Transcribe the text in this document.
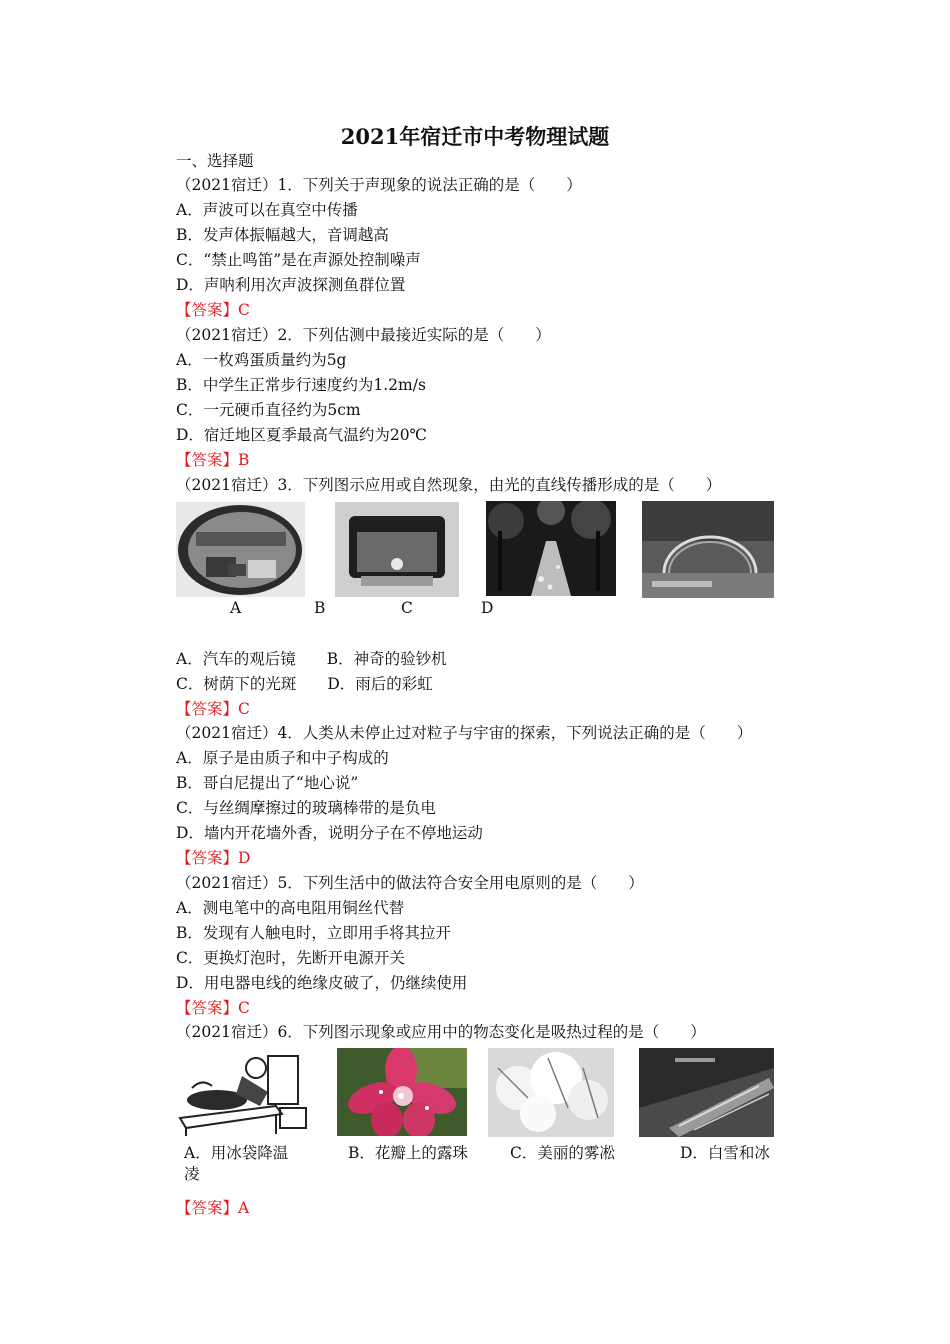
2021年宿迁市中考物理试题
一、选择题
（2021宿迁）1．下列关于声现象的说法正确的是（　　）
A．声波可以在真空中传播
B．发声体振幅越大，音调越高
C．“禁止鸣笛”是在声源处控制噪声
D．声呐利用次声波探测鱼群位置
【答案】C
（2021宿迁）2．下列估测中最接近实际的是（　　）
A．一枚鸡蛋质量约为5g
B．中学生正常步行速度约为1.2m/s
C．一元硬币直径约为5cm
D．宿迁地区夏季最高气温约为20℃
【答案】B
（2021宿迁）3．下列图示应用或自然现象，由光的直线传播形成的是（　　）
A	B	C	D
A．汽车的观后镜　　B．神奇的验钞机
C．树荫下的光斑　　D．雨后的彩虹
【答案】C
（2021宿迁）4．人类从未停止过对粒子与宇宙的探索，下列说法正确的是（　　）
A．原子是由质子和中子构成的
B．哥白尼提出了“地心说”
C．与丝绸摩擦过的玻璃棒带的是负电
D．墙内开花墙外香，说明分子在不停地运动
【答案】D
（2021宿迁）5．下列生活中的做法符合安全用电原则的是（　　）
A．测电笔中的高电阻用铜丝代替
B．发现有人触电时，立即用手将其拉开
C．更换灯泡时，先断开电源开关
D．用电器电线的绝缘皮破了，仍继续使用
【答案】C
（2021宿迁）6．下列图示现象或应用中的物态变化是吸热过程的是（　　）
A．用冰袋降温	B．花瓣上的露珠	C．美丽的雾凇	D．白雪和冰
凌
【答案】A
